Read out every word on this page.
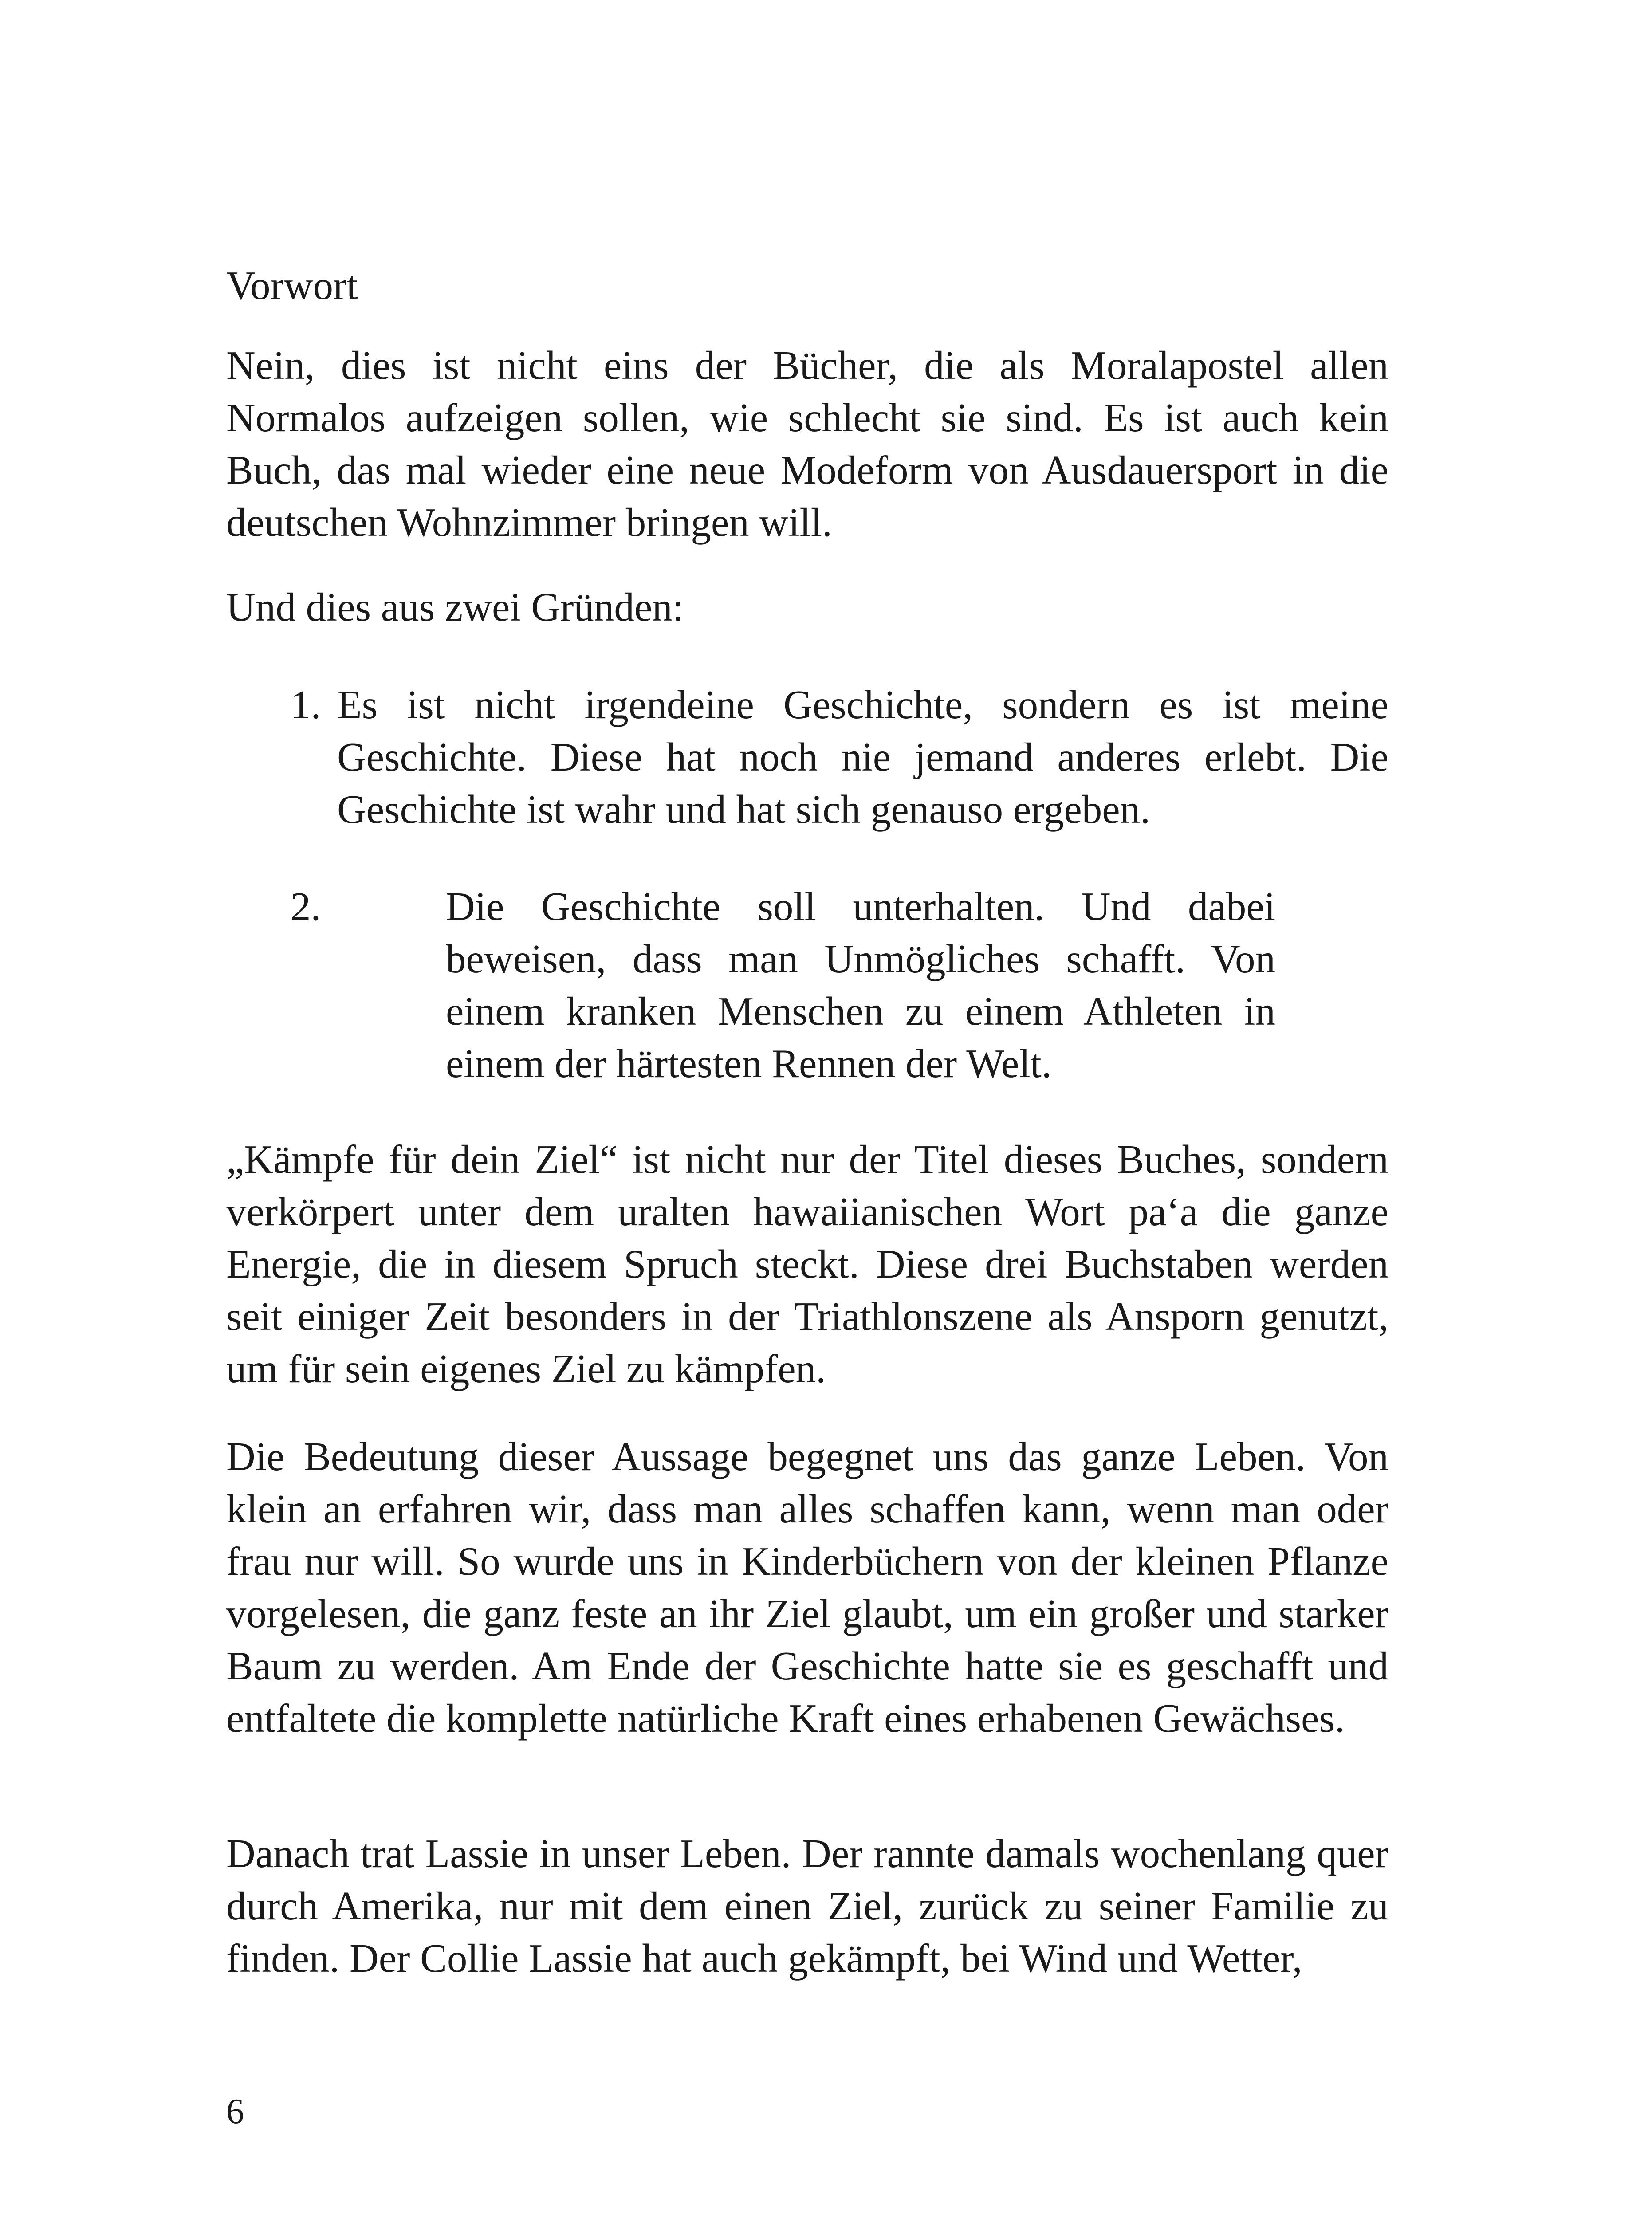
Vorwort

Nein, dies ist nicht eins der Bücher, die als Moralapostel allen Normalos aufzeigen sollen, wie schlecht sie sind. Es ist auch kein Buch, das mal wieder eine neue Modeform von Ausdauersport in die deutschen Wohnzimmer bringen will.

Und dies aus zwei Gründen:

1. Es ist nicht irgendeine Geschichte, sondern es ist meine Geschichte. Diese hat noch nie jemand anderes erlebt. Die Geschichte ist wahr und hat sich genauso ergeben.

2.	Die Geschichte soll unterhalten. Und dabei beweisen, dass man Unmögliches schafft. Von einem kranken Menschen zu einem Athleten in einem der härtesten Rennen der Welt.

„Kämpfe für dein Ziel“ ist nicht nur der Titel dieses Buches, sondern verkörpert unter dem uralten hawaiianischen Wort pa‘a die ganze Energie, die in diesem Spruch steckt. Diese drei Buchstaben werden seit einiger Zeit besonders in der Triathlonszene als Ansporn genutzt, um für sein eigenes Ziel zu kämpfen.

Die Bedeutung dieser Aussage begegnet uns das ganze Leben. Von klein an erfahren wir, dass man alles schaffen kann, wenn man oder frau nur will. So wurde uns in Kinderbüchern von der kleinen Pflanze vorgelesen, die ganz feste an ihr Ziel glaubt, um ein großer und starker Baum zu werden. Am Ende der Geschichte hatte sie es geschafft und entfaltete die komplette natürliche Kraft eines erhabenen Gewächses.

Danach trat Lassie in unser Leben. Der rannte damals wochenlang quer durch Amerika, nur mit dem einen Ziel, zurück zu seiner Familie zu finden. Der Collie Lassie hat auch gekämpft, bei Wind und Wetter,

6
